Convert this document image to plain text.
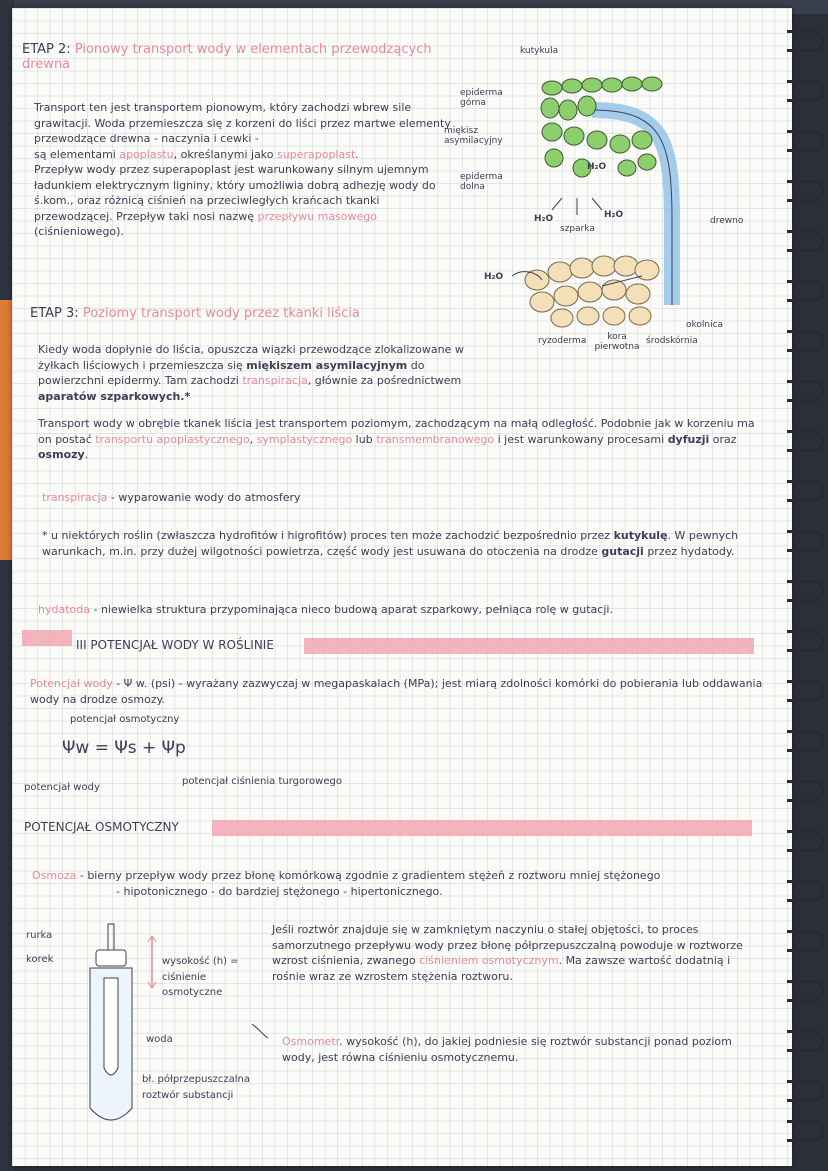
ETAP 2: Pionowy transport wody w elementach przewodzących drewna

Transport ten jest transportem pionowym, który zachodzi wbrew sile grawitacji. Woda przemieszcza się z korzeni do liści przez martwe elementy przewodzące drewna - naczynia i cewki -

są elementami apoplastu, określanymi jako superapoplast.

Przepływ wody przez superapoplast jest warunkowany silnym ujemnym ładunkiem elektrycznym ligniny, który umożliwia dobrą adhezję wody do ś.kom., oraz różnicą ciśnień na przeciwległych krańcach tkanki przewodzącej. Przepływ taki nosi nazwę przepływu masowego (ciśnieniowego).

kutykula
epiderma górna
miękisz asymilacyjny
epiderma dolna
H₂O
H₂O	H₂O
szparka
drewno
H₂O
okolnica
ryzoderma	kora pierwotna
środskórnia
ETAP 3: Poziomy transport wody przez tkanki liścia
Kiedy woda dopłynie do liścia, opuszcza wiązki przewodzące zlokalizowane w żyłkach liściowych i przemieszcza się miękiszem asymilacyjnym do powierzchni epidermy. Tam zachodzi transpiracja, głównie za pośrednictwem aparatów szparkowych.*
Transport wody w obrębie tkanek liścia jest transportem poziomym, zachodzącym na małą odległość. Podobnie jak w korzeniu ma on postać transportu apoplastycznego, symplastycznego lub transmembranowego i jest warunkowany procesami dyfuzji oraz osmozy.
transpiracja - wyparowanie wody do atmosfery
* u niektórych roślin (zwłaszcza hydrofitów i higrofitów) proces ten może zachodzić bezpośrednio przez kutykulę. W pewnych warunkach, m.in. przy dużej wilgotności powietrza, część wody jest usuwana do otoczenia na drodze gutacji przez hydatody.
hydatoda - niewielka struktura przypominająca nieco budową aparat szparkowy, pełniąca rolę w gutacji.
III POTENCJAŁ WODY W ROŚLINIE
Potencjał wody - Ψ w. (psi) - wyrażany zazwyczaj w megapaskalach (MPa); jest miarą zdolności komórki do pobierania lub oddawania wody na drodze osmozy.
potencjał osmotyczny
Ψw = Ψs + Ψp
potencjał wody
potencjał ciśnienia turgorowego
POTENCJAŁ OSMOTYCZNY
Osmoza - bierny przepływ wody przez błonę komórkową zgodnie z gradientem stężeń z roztworu mniej stężonego
- hipotonicznego - do bardziej stężonego - hipertonicznego.
rurka
korek	wysokość (h) = ciśnienie osmotyczne
woda
bł. półprzepuszczalna roztwór substancji
Jeśli roztwór znajduje się w zamkniętym naczyniu o stałej objętości, to proces samorzutnego przepływu wody przez błonę półprzepuszczalną powoduje w roztworze wzrost ciśnienia, zwanego ciśnieniem osmotycznym. Ma zawsze wartość dodatnią i rośnie wraz ze wzrostem stężenia roztworu.
Osmometr. wysokość (h), do jakiej podniesie się roztwór substancji ponad poziom wody, jest równa ciśnieniu osmotycznemu.
